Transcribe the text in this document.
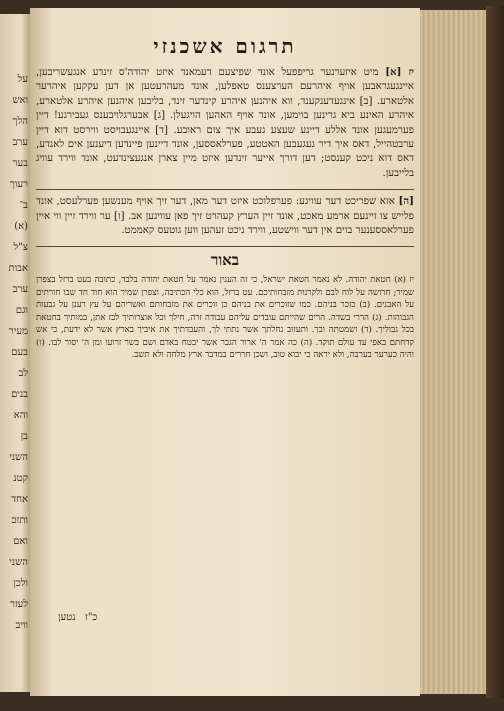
על
ואש
הלך
ערב
בער
רעוך
ב־
(א)
צ"ל
אבות
ערב
וגם
מעיר
בעם
לב
בנים
והא
בן
השני
קטנ
אחד
ותזכ
ואם
השני
ולכן
לעזר
וויב
תרגום אשכנזי

יז [א] מיט איזערנער גריפפעל אונד שפיצעם דעמאנד איזט יהודה'ס זינדע אנגעשריבען, איינגעגראבען אויף איהרעם הערצענס טאפלען, אונד מעהרעטען אן דען עקקען איהרער אלטארע. [ב] אינגעדענקענד, ווא איהנען איהרע קינדער זינד, בליבען איהנען איהרע אלטארע, איהרע האינע ביא גרינען בוימען, אונד אויף האהען הויגעלן. [ג] אבערגלויבענס געבירגע! דיין פערמעגען אונד אללע דיינע שעצע געבע איך צום ראובע. [ד] איינגעבויסט ווירסט דוא דיין ערבטהייל, דאס איך דיר געגעבען האטטע, פערלאססען, אונד דיינען פיינדען דיענען אים לאנדע, דאס דוא ניכט קענסט; דען דורך אייער זינדען איזט מיין צארן אנגעצינדעט, אונד ווירד עוויג בלייבען.

[ה] אזא שפריכט דער עוויגע: פערפלוכט איזט דער מאן, דער זיך אויף מענשען פערלעסט, אונד פלייש צו זיינעם ארמע מאכט, אונד זיין הערץ קעהרט זיך פאן עוויגען אב. [ו] ער ווירד זיין ווי איין פערלאססענער בוים אין דער ווישטע, ווירד ניכט זעהען ווען גוטעס קאממט.

באור
יז (א) חטאת יהודה. לא נאמר חטאת ישראל, כי זה הענין נאמר על חטאת יהודה בלבד, כתובה בעט ברזל בצפרן שמיר; חרושה על לוח לבם ולקרנות מזבחותיכם. עט ברזל, הוא כלי הכתיבה, וצפרן שמיר הוא חוד חד שבו חורתים על האבנים. (ב) כזכר בניהם. כמו שזוכרים את בניהם כן זוכרים את מזבחותם ואשריהם על עץ רענן על גבעות הגבוהות. (ג) הררי בשדה. הרים שהייתם עובדים עליהם עבודה זרה, חילך וכל אוצרותיך לבז אתן, במותיך בחטאת בכל גבוליך. (ד) ושמטתה ובך. ותעזוב נחלתך אשר נתתי לך, והעבדתיך את איביך בארץ אשר לא ידעת, כי אש קדחתם באפי עד עולם תוקד. (ה) כה אמר ה' ארור הגבר אשר יבטח באדם ושם בשר זרועו ומן ה' יסור לבו. (ו) והיה כערער בערבה, ולא יראה כי יבוא טוב, ושכן חררים במדבר ארץ מלחה ולא תשב.
כ"ז   נטען
